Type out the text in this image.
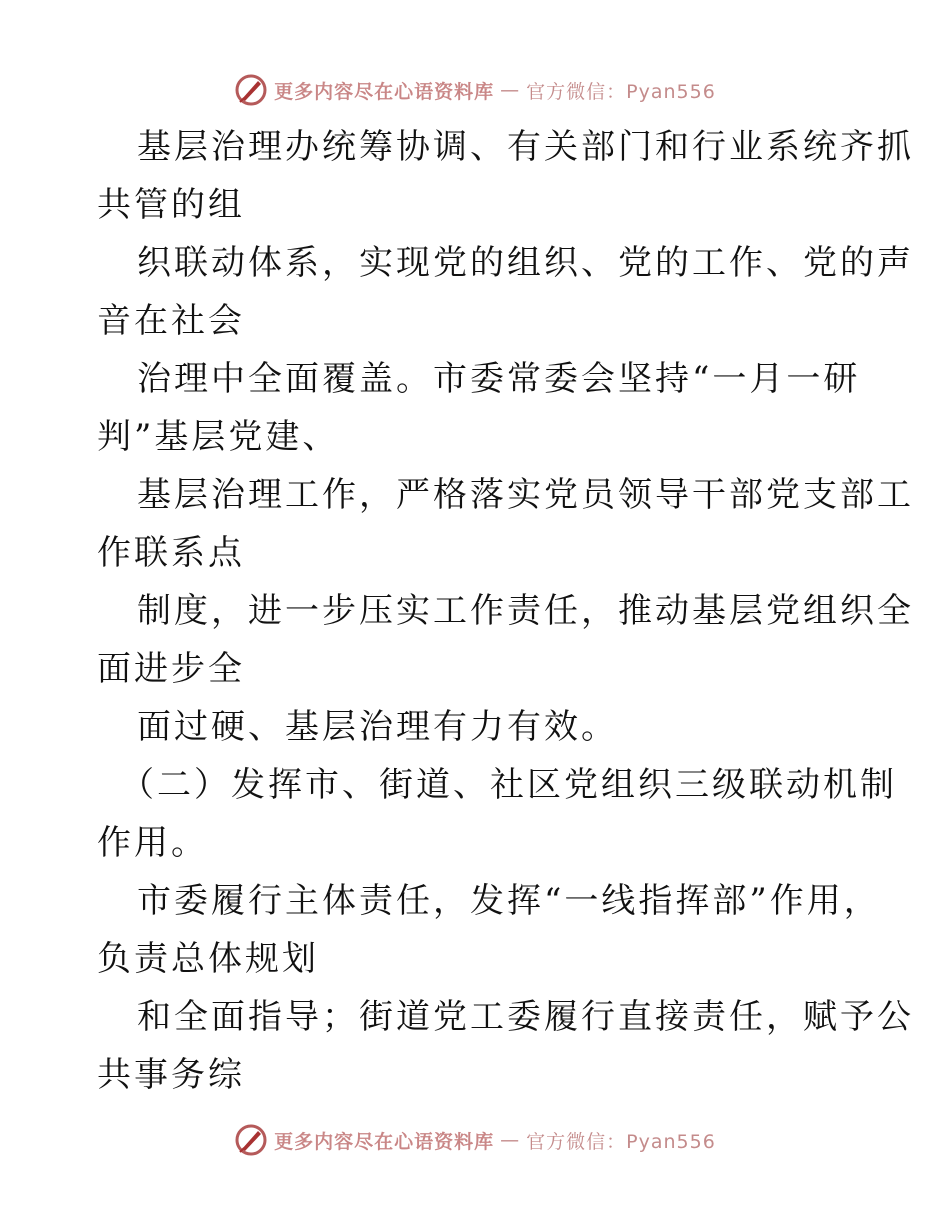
更多内容尽在心语资料库 — 官方微信：Pyan556
基层治理办统筹协调、有关部门和行业系统齐抓
共管的组
织联动体系，实现党的组织、党的工作、党的声
音在社会
治理中全面覆盖。市委常委会坚持“一月一研
判”基层党建、
基层治理工作，严格落实党员领导干部党支部工
作联系点
制度，进一步压实工作责任，推动基层党组织全
面进步全
面过硬、基层治理有力有效。
（二）发挥市、街道、社区党组织三级联动机制
作用。
市委履行主体责任，发挥“一线指挥部”作用，
负责总体规划
和全面指导；街道党工委履行直接责任，赋予公
共事务综
更多内容尽在心语资料库 — 官方微信：Pyan556
